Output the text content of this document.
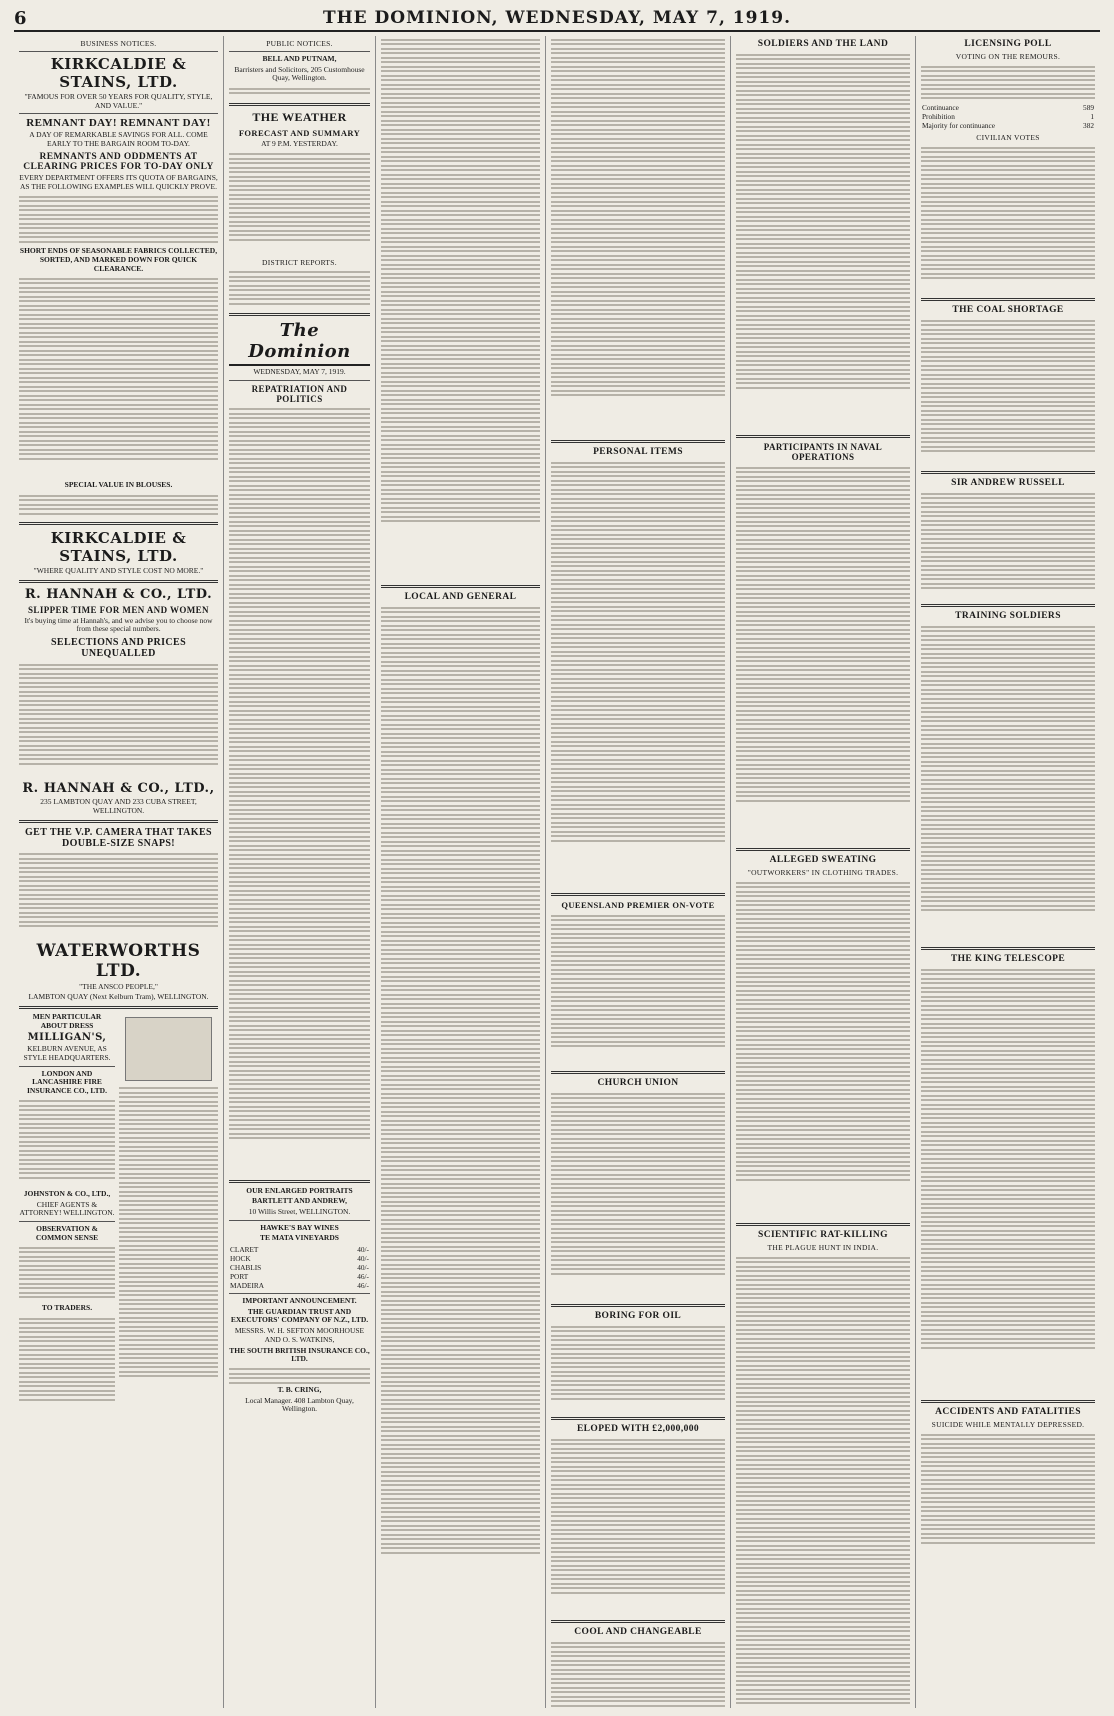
6	THE DOMINION, WEDNESDAY, MAY 7, 1919.
BUSINESS NOTICES.
KIRKCALDIE & STAINS, LTD.
"FAMOUS FOR OVER 50 YEARS FOR QUALITY, STYLE, AND VALUE."
REMNANT DAY! REMNANT DAY!
A DAY OF REMARKABLE SAVINGS FOR ALL. COME EARLY TO THE BARGAIN ROOM TO-DAY.
REMNANTS AND ODDMENTS AT CLEARING PRICES FOR TO-DAY ONLY
EVERY DEPARTMENT OFFERS ITS QUOTA OF BARGAINS, AS THE FOLLOWING EXAMPLES WILL QUICKLY PROVE.
SHORT ENDS OF SEASONABLE FABRICS COLLECTED, SORTED, AND MARKED DOWN FOR QUICK CLEARANCE.
SPECIAL VALUE IN BLOUSES.
KIRKCALDIE & STAINS, LTD.
"WHERE QUALITY AND STYLE COST NO MORE."
R. HANNAH & CO., LTD.
SLIPPER TIME FOR MEN AND WOMEN
It's buying time at Hannah's, and we advise you to choose now from these special numbers.
SELECTIONS AND PRICES UNEQUALLED
R. HANNAH & CO., LTD.,
235 LAMBTON QUAY AND 233 CUBA STREET, WELLINGTON.
GET THE V.P. CAMERA THAT TAKES DOUBLE-SIZE SNAPS!
WATERWORTHS LTD.
"THE ANSCO PEOPLE,"
LAMBTON QUAY (Next Kelburn Tram), WELLINGTON.
MEN PARTICULAR ABOUT DRESS
MILLIGAN'S,
KELBURN AVENUE, AS STYLE HEADQUARTERS.
LONDON AND LANCASHIRE FIRE INSURANCE CO., LTD.
JOHNSTON & CO., LTD.,
CHIEF AGENTS & ATTORNEY! WELLINGTON.
OBSERVATION & COMMON SENSE
TO TRADERS.
PUBLIC NOTICES.
BELL AND PUTNAM,
Barristers and Solicitors, 205 Customhouse Quay, Wellington.
THE WEATHER
FORECAST AND SUMMARY
AT 9 P.M. YESTERDAY.
DISTRICT REPORTS.
The Dominion
WEDNESDAY, MAY 7, 1919.
REPATRIATION AND POLITICS
OUR ENLARGED PORTRAITS
BARTLETT AND ANDREW,
10 Willis Street, WELLINGTON.
HAWKE'S BAY WINES
TE MATA VINEYARDS
CLARET	40/-
HOCK	40/-
CHABLIS	40/-
PORT	46/-
MADEIRA	46/-
IMPORTANT ANNOUNCEMENT.
THE GUARDIAN TRUST AND EXECUTORS' COMPANY OF N.Z., LTD.
MESSRS. W. H. SEFTON MOORHOUSE AND O. S. WATKINS,
THE SOUTH BRITISH INSURANCE CO., LTD.
T. B. CRING,
Local Manager. 408 Lambton Quay, Wellington.
LOCAL AND GENERAL
PERSONAL ITEMS
QUEENSLAND PREMIER ON-VOTE
CHURCH UNION
BORING FOR OIL
ELOPED WITH £2,000,000
COOL AND CHANGEABLE
SOLDIERS AND THE LAND
PARTICIPANTS IN NAVAL OPERATIONS
ALLEGED SWEATING
"OUTWORKERS" IN CLOTHING TRADES.
SCIENTIFIC RAT-KILLING
THE PLAGUE HUNT IN INDIA.
LICENSING POLL
VOTING ON THE REMOURS.
Continuance	589
Prohibition	1
Majority for continuance	382
CIVILIAN VOTES
THE COAL SHORTAGE
SIR ANDREW RUSSELL
TRAINING SOLDIERS
THE KING TELESCOPE
ACCIDENTS AND FATALITIES
SUICIDE WHILE MENTALLY DEPRESSED.
